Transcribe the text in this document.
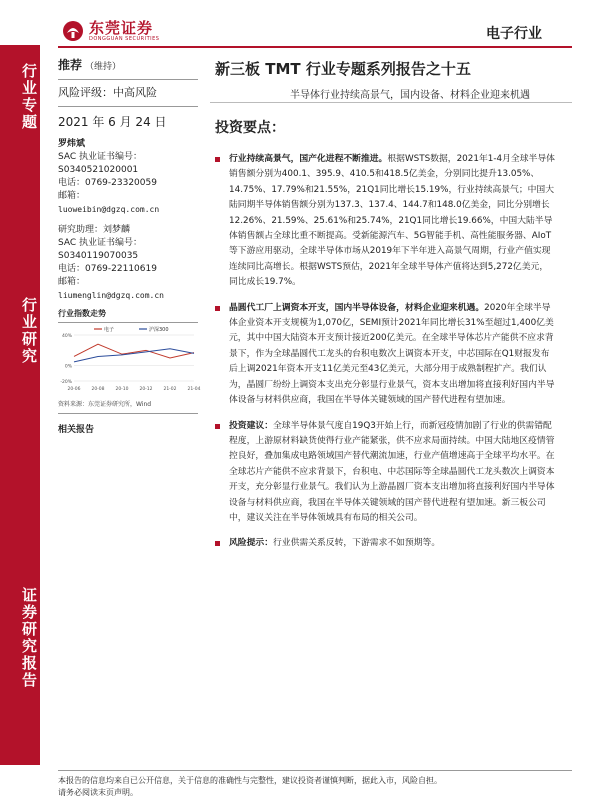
行业专题
行业研究
证券研究报告
东莞证券
DONGGUAN SECURITIES	电子行业
推荐 （维持）
风险评级：中高风险
2021 年 6 月 24 日
罗炜斌
SAC 执业证书编号：
S0340521020001
电话：0769-23320059
邮箱：
luoweibin@dgzq.com.cn
研究助理：刘梦麟
SAC 执业证书编号：
S0340119070035
电话：0769-22110619
邮箱：
liumenglin@dgzq.com.cn
行业指数走势
-20%
0%
40%
20-06 20-08 20-10 20-12 21-02 21-04
电子	沪深300
资料来源：东莞证券研究所，Wind
相关报告
新三板 TMT 行业专题系列报告之十五
半导体行业持续高景气，国内设备、材料企业迎来机遇
投资要点：
行业持续高景气，国产化进程不断推进。根据WSTS数据，2021年1-4月全球半导体销售额分别为400.1、395.9、410.5和418.5亿美金，分别同比提升13.05%、14.75%、17.79%和21.55%，21Q1同比增长15.19%，行业持续高景气；中国大陆同期半导体销售额分别为137.3、137.4、144.7和148.0亿美金，同比分别增长12.26%、21.59%、25.61%和25.74%，21Q1同比增长19.66%，中国大陆半导体销售额占全球比重不断提高。受新能源汽车、5G智能手机、高性能服务器、AIoT等下游应用驱动，全球半导体市场从2019年下半年进入高景气周期，行业产值实现连续同比高增长。根据WSTS预估，2021年全球半导体产值将达到5,272亿美元，同比成长19.7%。
晶圆代工厂上调资本开支，国内半导体设备，材料企业迎来机遇。2020年全球半导体企业资本开支规模为1,070亿，SEMI预计2021年同比增长31%至超过1,400亿美元，其中中国大陆资本开支预计接近200亿美元。在全球半导体芯片产能供不应求背景下，作为全球晶圆代工龙头的台积电数次上调资本开支，中芯国际在Q1财报发布后上调2021年资本开支11亿美元至43亿美元，大部分用于成熟制程扩产。我们认为，晶圆厂纷纷上调资本支出充分彰显行业景气，资本支出增加将直接利好国内半导体设备与材料供应商，我国在半导体关键领域的国产替代进程有望加速。
投资建议：全球半导体景气度自19Q3开始上行，而新冠疫情加剧了行业的供需错配程度，上游原材料缺货使得行业产能紧张，供不应求局面持续。中国大陆地区疫情管控良好，叠加集成电路领域国产替代潮流加速，行业产值增速高于全球平均水平。在全球芯片产能供不应求背景下，台积电、中芯国际等全球晶圆代工龙头数次上调资本开支，充分彰显行业景气。我们认为上游晶圆厂资本支出增加将直接利好国内半导体设备与材料供应商，我国在半导体关键领域的国产替代进程有望加速。新三板公司中，建议关注在半导体领域具有布局的相关公司。
风险提示：行业供需关系反转，下游需求不如预期等。
本报告的信息均来自已公开信息，关于信息的准确性与完整性，建议投资者谨慎判断，据此入市，风险自担。
请务必阅读末页声明。
